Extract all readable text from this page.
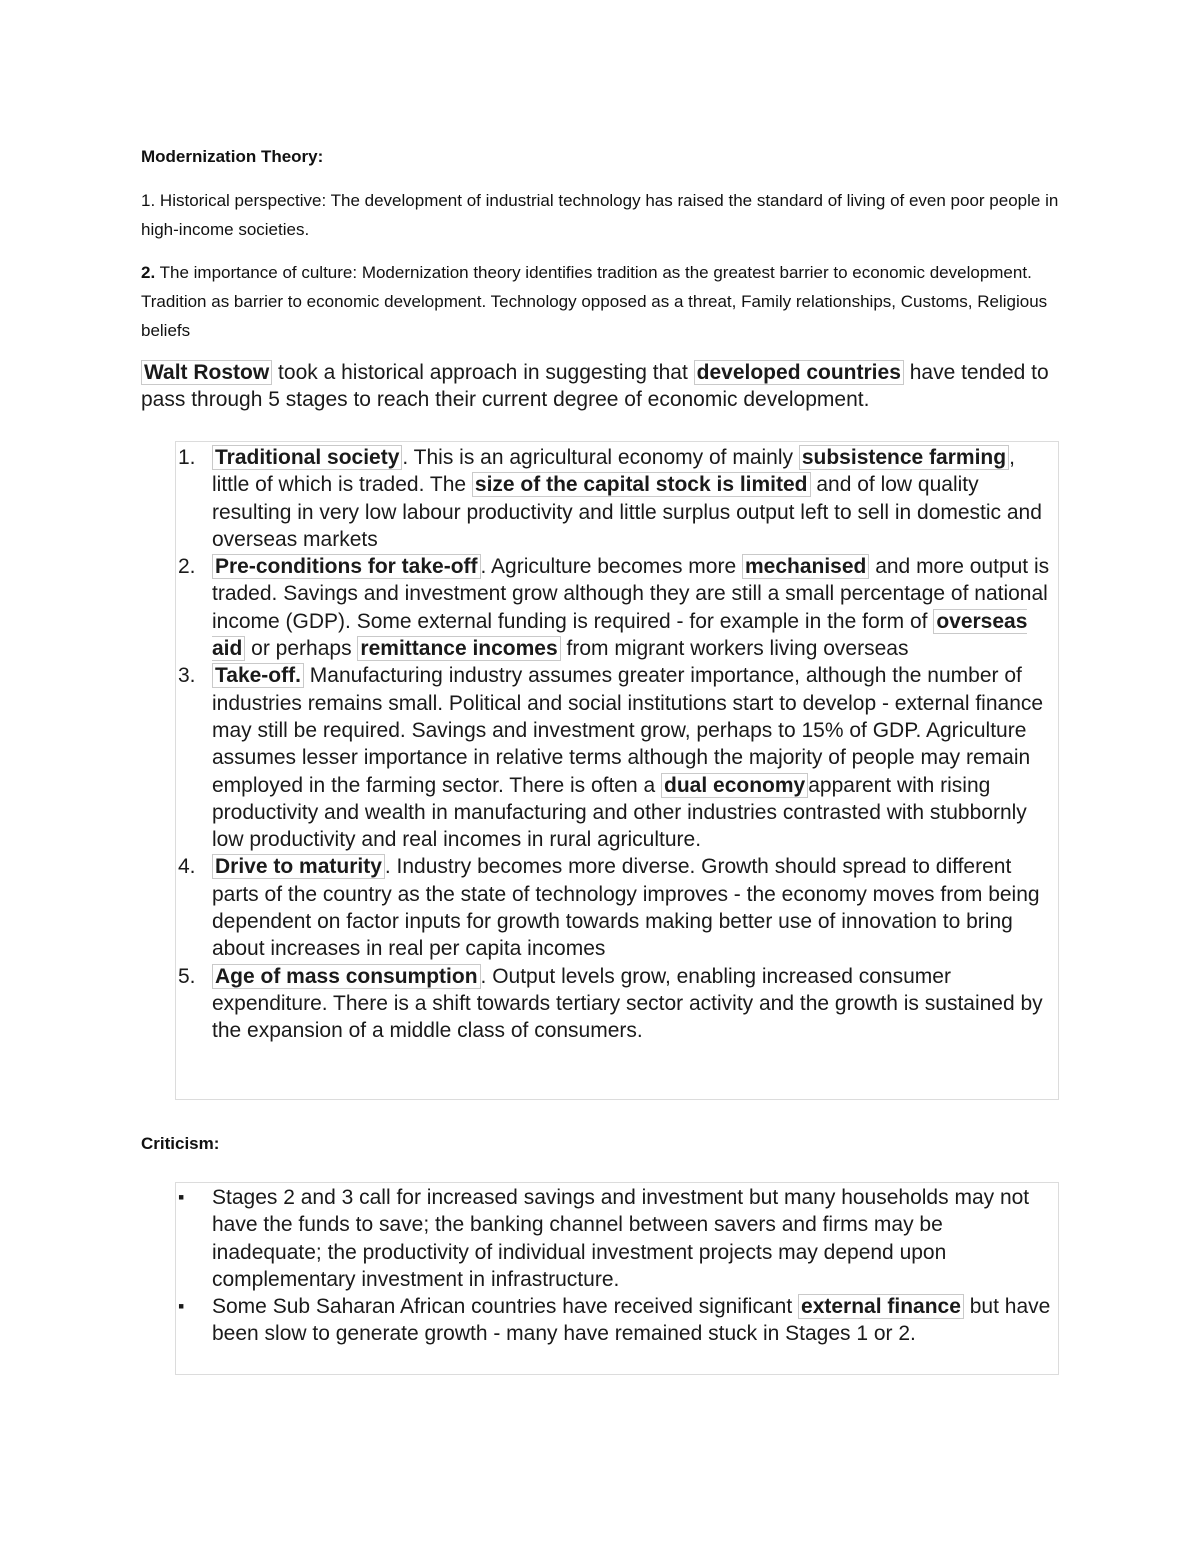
Modernization Theory:
1. Historical perspective: The development of industrial technology has raised the standard of living of even poor people in high-income societies.
2. The importance of culture: Modernization theory identifies tradition as the greatest barrier to economic development. Tradition as barrier to economic development. Technology opposed as a threat, Family relationships, Customs, Religious beliefs
Walt Rostow took a historical approach in suggesting that developed countries have tended to pass through 5 stages to reach their current degree of economic development.
1. Traditional society . This is an agricultural economy of mainly subsistence farming , little of which is traded. The size of the capital stock is limited and of low quality resulting in very low labour productivity and little surplus output left to sell in domestic and overseas markets
2. Pre-conditions for take-off . Agriculture becomes more mechanised and more output is traded. Savings and investment grow although they are still a small percentage of national income (GDP). Some external funding is required - for example in the form of overseas aid or perhaps remittance incomes from migrant workers living overseas
3. Take-off. Manufacturing industry assumes greater importance, although the number of industries remains small. Political and social institutions start to develop - external finance may still be required. Savings and investment grow, perhaps to 15% of GDP. Agriculture assumes lesser importance in relative terms although the majority of people may remain employed in the farming sector. There is often a dual economy apparent with rising productivity and wealth in manufacturing and other industries contrasted with stubbornly low productivity and real incomes in rural agriculture.
4. Drive to maturity . Industry becomes more diverse. Growth should spread to different parts of the country as the state of technology improves - the economy moves from being dependent on factor inputs for growth towards making better use of innovation to bring about increases in real per capita incomes
5. Age of mass consumption . Output levels grow, enabling increased consumer expenditure. There is a shift towards tertiary sector activity and the growth is sustained by the expansion of a middle class of consumers.
Criticism:
▪ Stages 2 and 3 call for increased savings and investment but many households may not have the funds to save; the banking channel between savers and firms may be inadequate; the productivity of individual investment projects may depend upon complementary investment in infrastructure.
▪ Some Sub Saharan African countries have received significant external finance but have been slow to generate growth - many have remained stuck in Stages 1 or 2.
